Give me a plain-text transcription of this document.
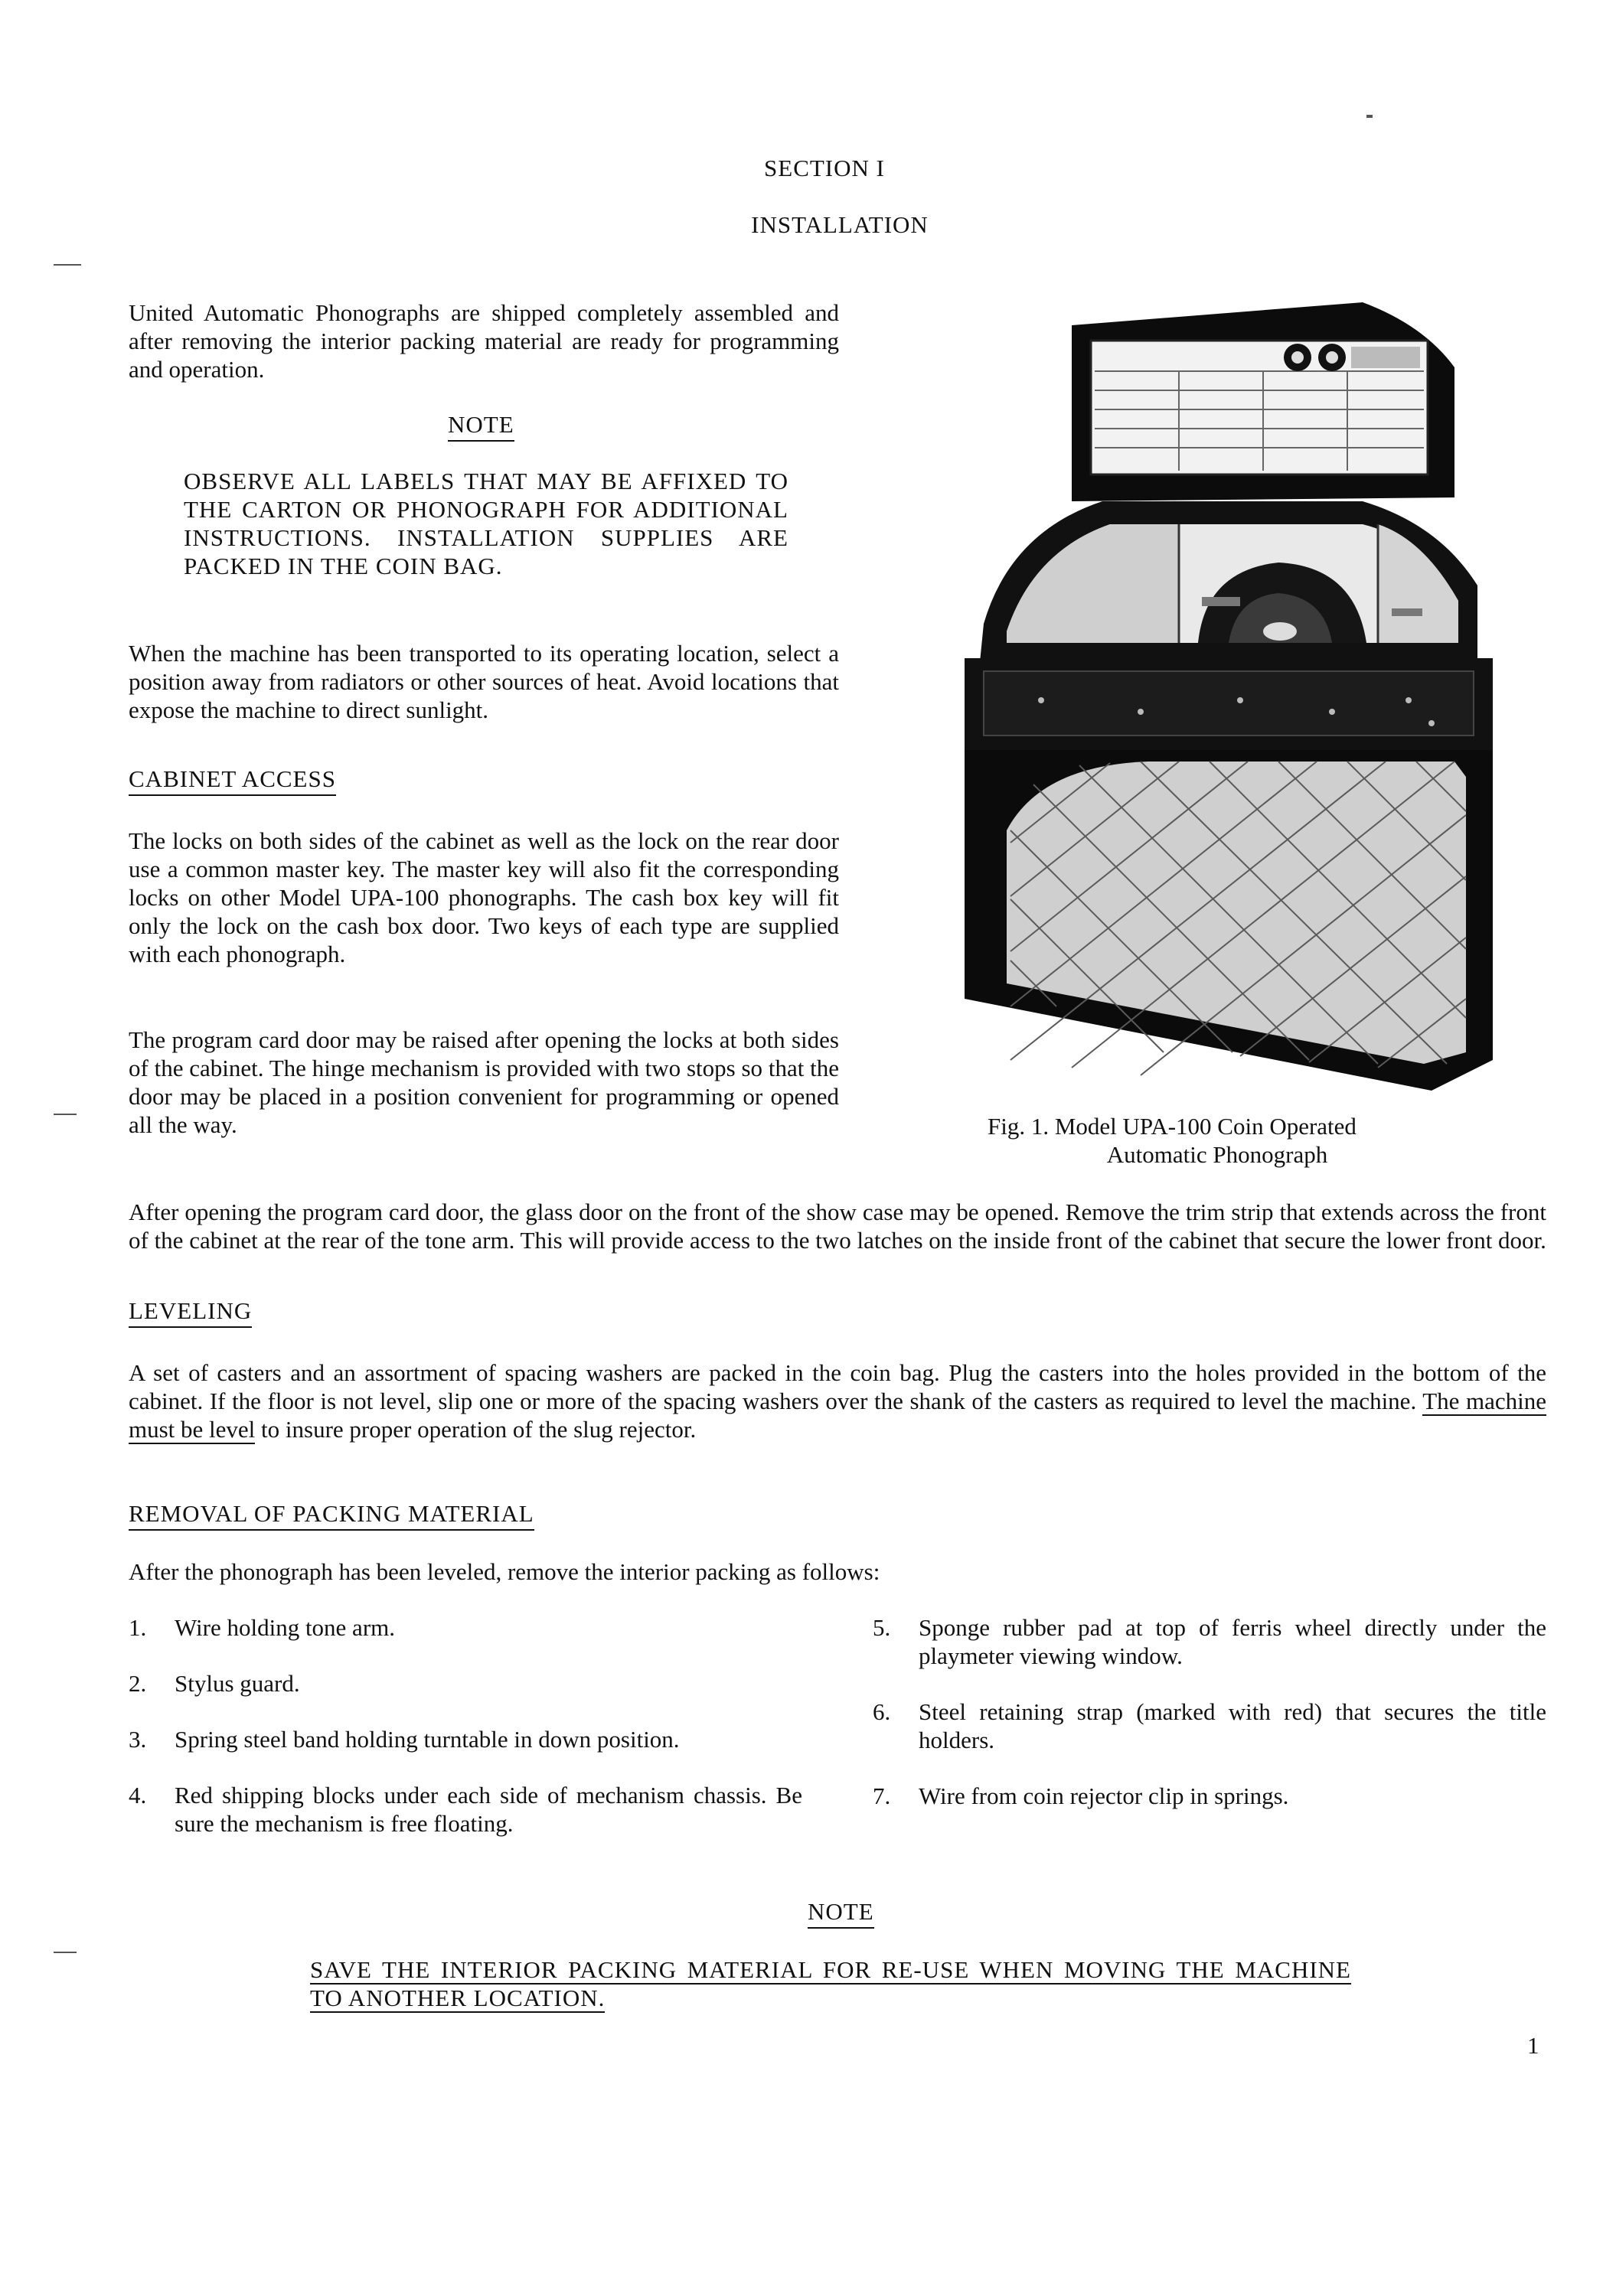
SECTION I
INSTALLATION
United Automatic Phonographs are shipped completely assembled and after removing the interior packing material are ready for programming and operation.
NOTE
OBSERVE ALL LABELS THAT MAY BE AFFIXED TO THE CARTON OR PHONOGRAPH FOR ADDITIONAL INSTRUCTIONS. INSTALLATION SUPPLIES ARE PACKED IN THE COIN BAG.
When the machine has been transported to its operating location, select a position away from radiators or other sources of heat. Avoid locations that expose the machine to direct sunlight.
CABINET ACCESS
The locks on both sides of the cabinet as well as the lock on the rear door use a common master key. The master key will also fit the corresponding locks on other Model UPA-100 phonographs. The cash box key will fit only the lock on the cash box door. Two keys of each type are supplied with each phonograph.
The program card door may be raised after opening the locks at both sides of the cabinet. The hinge mechanism is provided with two stops so that the door may be placed in a position convenient for programming or opened all the way.	Fig. 1. Model UPA-100 Coin Operated
Automatic Phonograph
After opening the program card door, the glass door on the front of the show case may be opened. Remove the trim strip that extends across the front of the cabinet at the rear of the tone arm. This will provide access to the two latches on the inside front of the cabinet that secure the lower front door.
LEVELING
A set of casters and an assortment of spacing washers are packed in the coin bag. Plug the casters into the holes provided in the bottom of the cabinet. If the floor is not level, slip one or more of the spacing washers over the shank of the casters as required to level the machine. The machine must be level to insure proper operation of the slug rejector.
REMOVAL OF PACKING MATERIAL
After the phonograph has been leveled, remove the interior packing as follows:
1.	Wire holding tone arm.
2.	Stylus guard.
3.	Spring steel band holding turntable in down position.
4.	Red shipping blocks under each side of mechanism chassis. Be sure the mechanism is free floating.
5.	Sponge rubber pad at top of ferris wheel directly under the playmeter viewing window.
6.	Steel retaining strap (marked with red) that secures the title holders.
7.	Wire from coin rejector clip in springs.
NOTE
SAVE THE INTERIOR PACKING MATERIAL FOR RE-USE WHEN MOVING THE MACHINE TO ANOTHER LOCATION.
1
